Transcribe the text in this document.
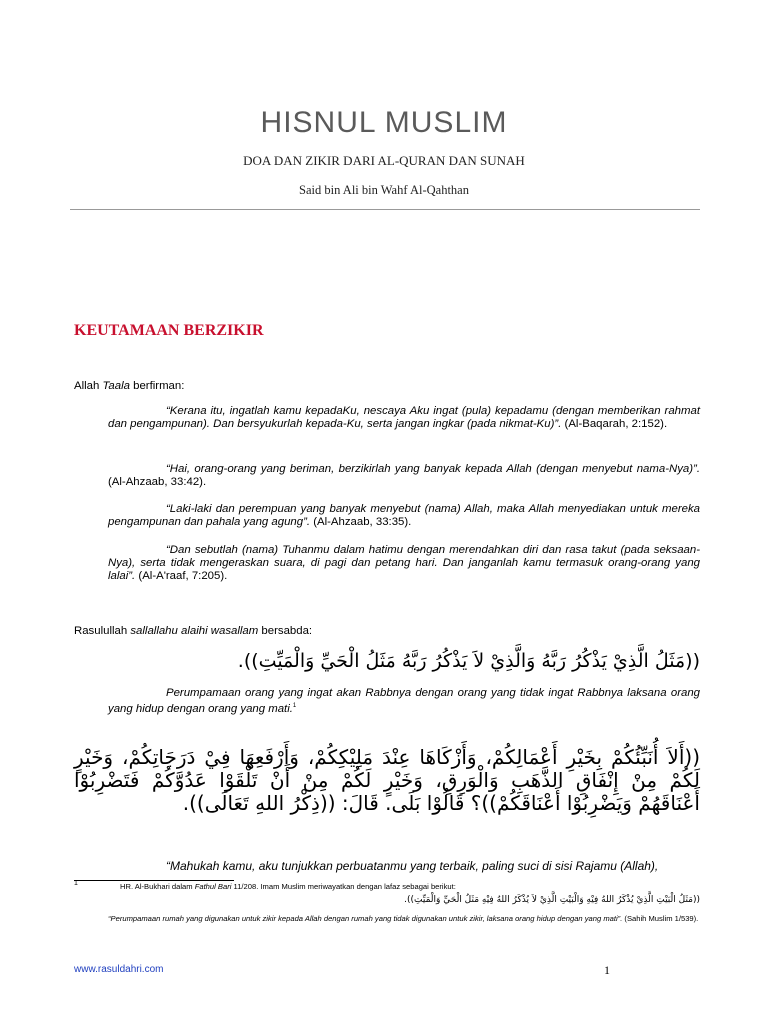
HISNUL MUSLIM
DOA DAN ZIKIR DARI AL-QURAN DAN SUNAH
Said bin Ali bin Wahf Al-Qahthan
KEUTAMAAN BERZIKIR
Allah Taala berfirman:
“Kerana itu, ingatlah kamu kepadaKu, nescaya Aku ingat (pula) kepadamu (dengan memberikan rahmat dan pengampunan). Dan bersyukurlah kepada-Ku, serta jangan ingkar (pada nikmat-Ku)”. (Al-Baqarah, 2:152).
“Hai, orang-orang yang beriman, berzikirlah yang banyak kepada Allah (dengan menyebut nama-Nya)”. (Al-Ahzaab, 33:42).
“Laki-laki dan perempuan yang banyak menyebut (nama) Allah, maka Allah menyediakan untuk mereka pengampunan dan pahala yang agung”. (Al-Ahzaab, 33:35).
“Dan sebutlah (nama) Tuhanmu dalam hatimu dengan merendahkan diri dan rasa takut (pada seksaan-Nya), serta tidak mengeraskan suara, di pagi dan petang hari. Dan janganlah kamu termasuk orang-orang yang lalai”. (Al-A'raaf, 7:205).
Rasulullah sallallahu alaihi wasallam bersabda:
((مَثَلُ الَّذِيْ يَذْكُرُ رَبَّهُ وَالَّذِيْ لاَ يَذْكُرُ رَبَّهُ مَثَلُ الْحَيِّ وَالْمَيِّتِ)).
Perumpamaan orang yang ingat akan Rabbnya dengan orang yang tidak ingat Rabbnya laksana orang yang hidup dengan orang yang mati.$^1$
((أَلاَ أُنَبِّئُكُمْ بِخَيْرِ أَعْمَالِكُمْ، وَأَزْكَاهَا عِنْدَ مَلِيْكِكُمْ، وَأَرْفَعِهَا فِيْ دَرَجَاتِكُمْ، وَخَيْرٍ لَكُمْ مِنْ إِنْفَاقِ الذَّهَبِ وَالْوَرِقِ، وَخَيْرٍ لَكُمْ مِنْ أَنْ تَلْقَوْا عَدُوَّكُمْ فَتَضْرِبُوْا أَعْنَاقَهُمْ وَيَضْرِبُوْا أَعْنَاقَكُمْ))؟ قَالُوْا بَلَى. قَالَ: ((ذِكْرُ اللهِ تَعَالَى)).
“Mahukah kamu, aku tunjukkan perbuatanmu yang terbaik, paling suci di sisi Rajamu (Allah),
1	HR. Al-Bukhari dalam Fathul Bari 11/208. Imam Muslim meriwayatkan dengan lafaz sebagai berikut:
((مَثَلُ الْبَيْتِ الَّذِيْ يُذْكَرُ اللهُ فِيْهِ وَالْبَيْتِ الَّذِيْ لاَ يُذْكَرُ اللهُ فِيْهِ مَثَلُ الْحَيِّ وَالْمَيِّتِ)).
“Perumpamaan rumah yang digunakan untuk zikir kepada Allah dengan rumah yang tidak digunakan untuk zikir, laksana orang hidup dengan yang mati”. (Sahih Muslim 1/539).
www.rasuldahri.com	1
